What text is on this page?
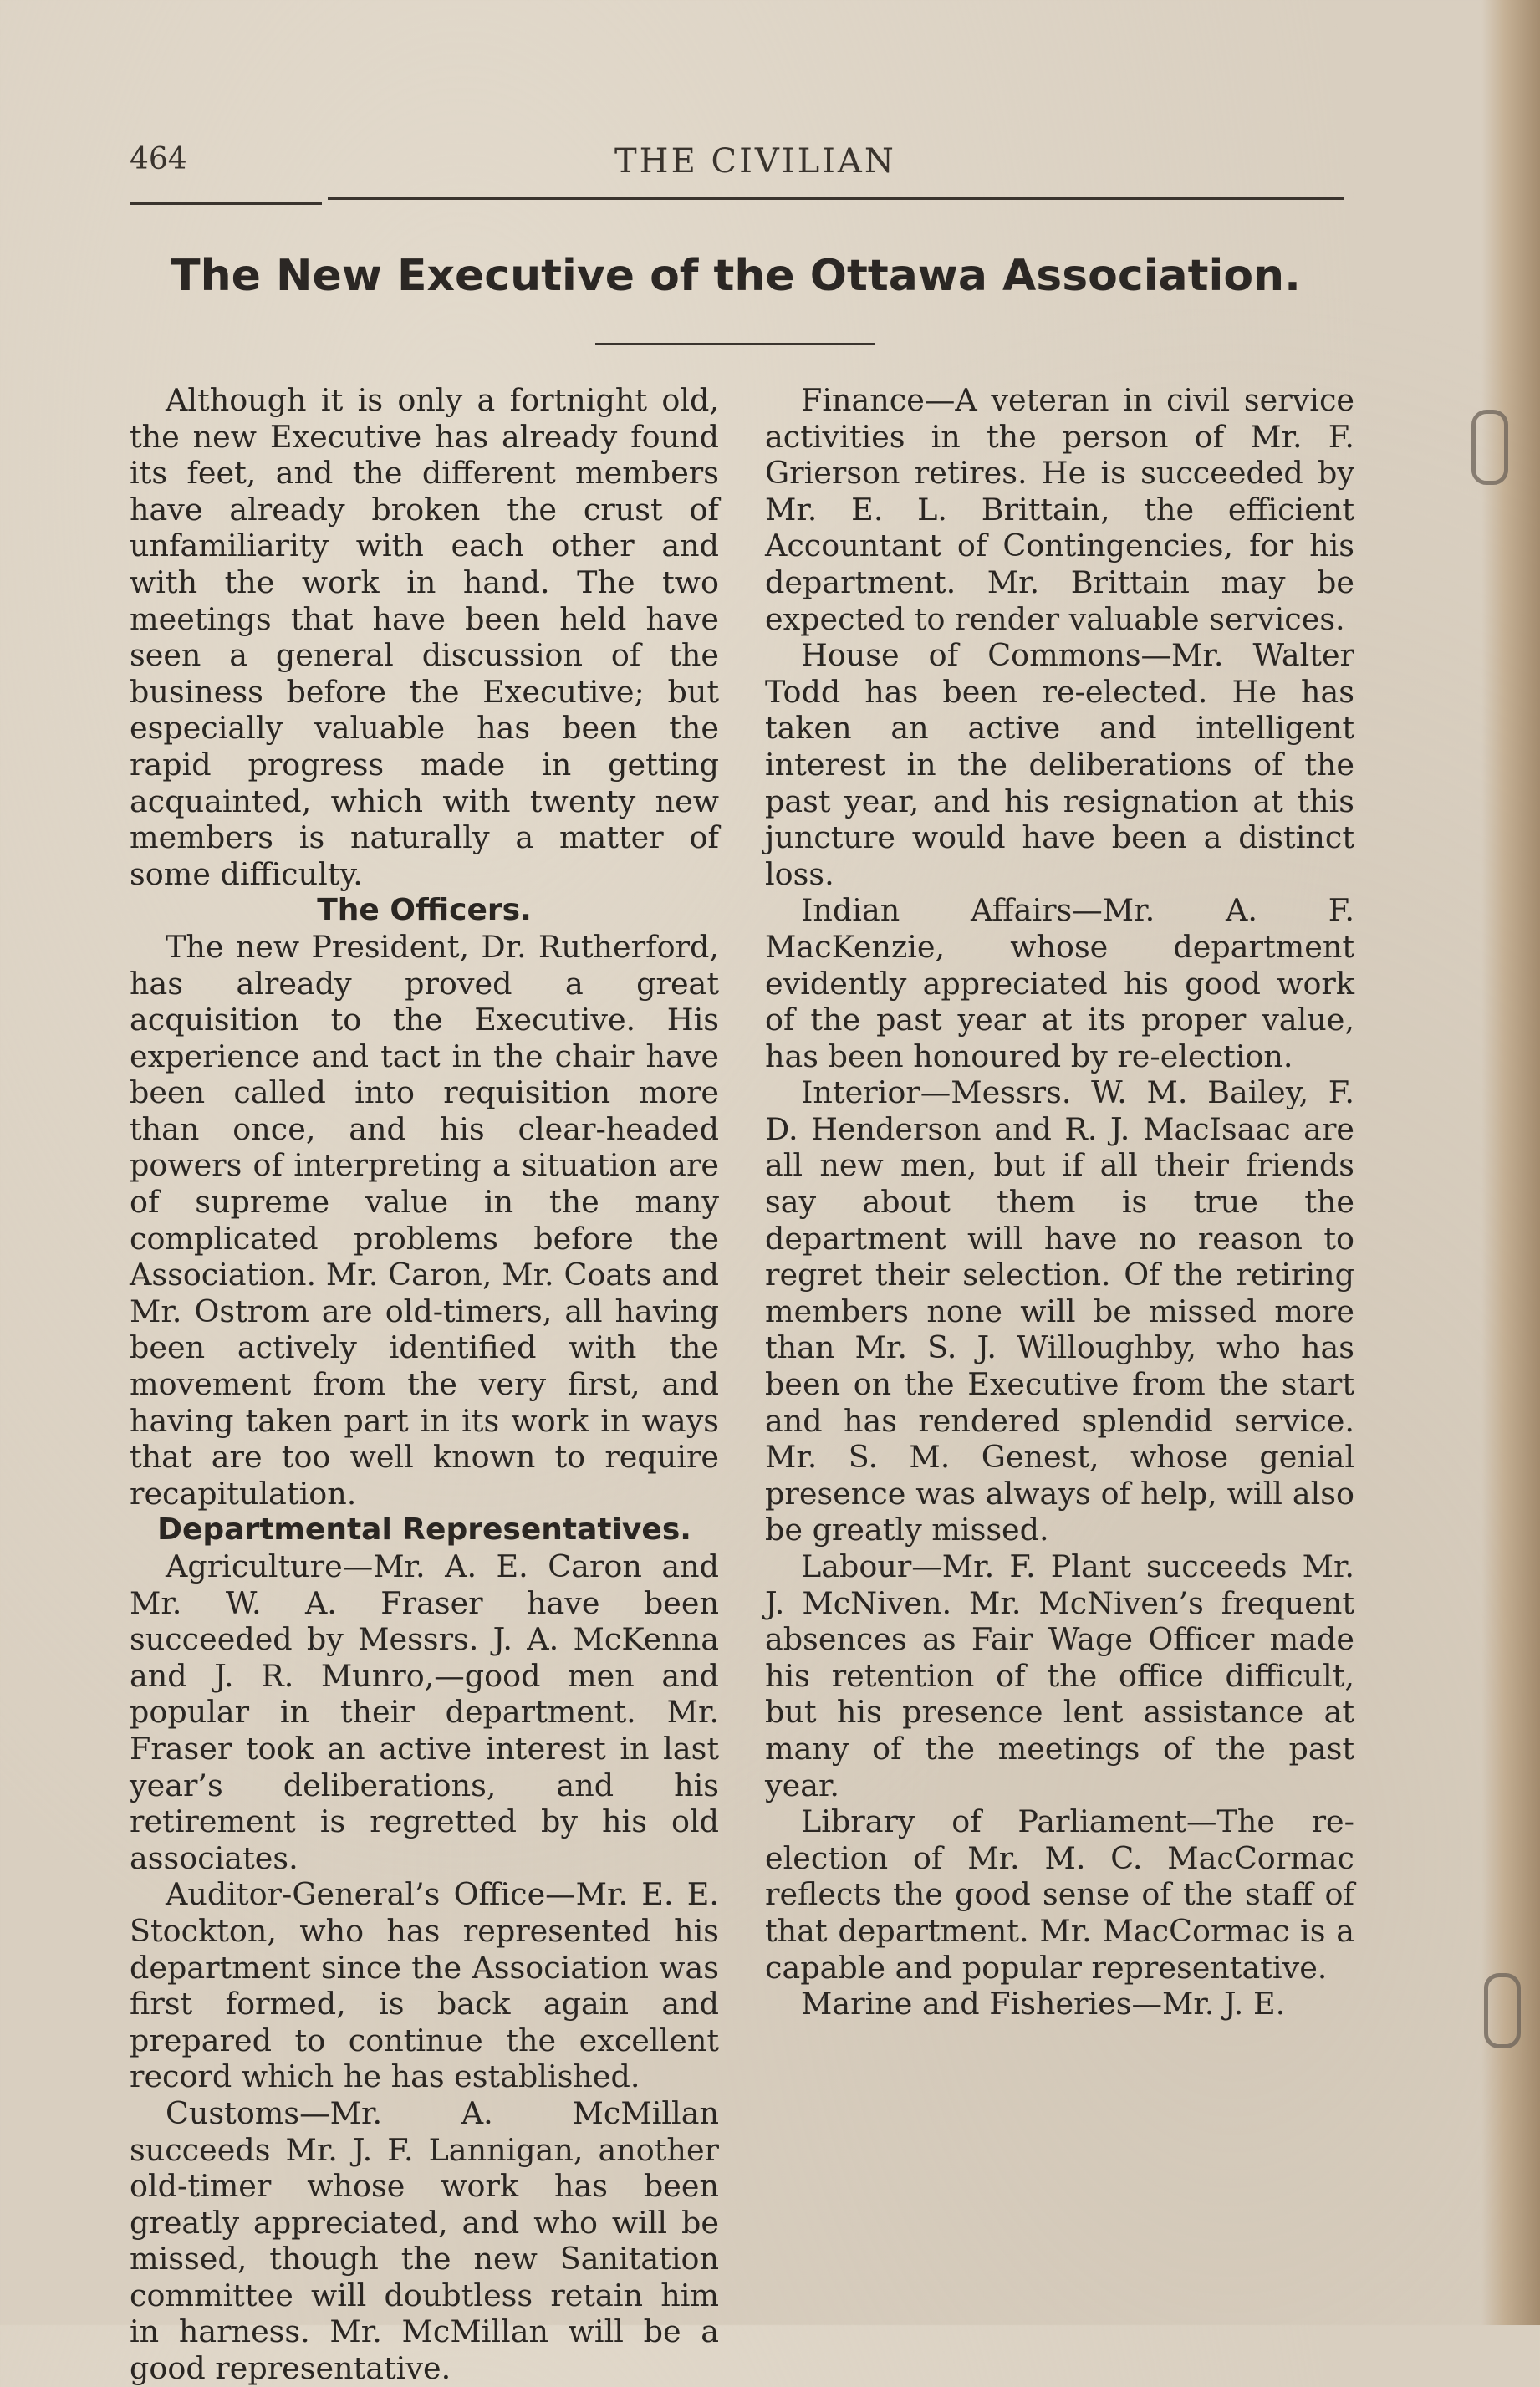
464	THE CIVILIAN
The New Executive of the Ottawa Association.

Although it is only a fortnight old, the new Executive has already found its feet, and the different members have already broken the crust of unfamiliarity with each other and with the work in hand. The two meetings that have been held have seen a general discussion of the business before the Executive; but especially valuable has been the rapid progress made in getting acquainted, which with twenty new members is naturally a matter of some difficulty.

The Officers.

The new President, Dr. Rutherford, has already proved a great acquisition to the Executive. His experience and tact in the chair have been called into requisition more than once, and his clear-headed powers of interpreting a situation are of supreme value in the many complicated problems before the Association. Mr. Caron, Mr. Coats and Mr. Ostrom are old-timers, all having been actively identified with the movement from the very first, and having taken part in its work in ways that are too well known to require recapitulation.

Departmental Representatives.

Agriculture—Mr. A. E. Caron and Mr. W. A. Fraser have been succeeded by Messrs. J. A. McKenna and J. R. Munro,—good men and popular in their department. Mr. Fraser took an active interest in last year’s deliberations, and his retirement is regretted by his old associates.

Auditor-General’s Office—Mr. E. E. Stockton, who has represented his department since the Association was first formed, is back again and prepared to continue the excellent record which he has established.

Customs—Mr. A. McMillan succeeds Mr. J. F. Lannigan, another old-timer whose work has been greatly appreciated, and who will be missed, though the new Sanitation committee will doubtless retain him in harness. Mr. McMillan will be a good representative.

Finance—A veteran in civil service activities in the person of Mr. F. Grierson retires. He is succeeded by Mr. E. L. Brittain, the efficient Accountant of Contingencies, for his department. Mr. Brittain may be expected to render valuable services.

House of Commons—Mr. Walter Todd has been re-elected. He has taken an active and intelligent interest in the deliberations of the past year, and his resignation at this juncture would have been a distinct loss.

Indian Affairs—Mr. A. F. MacKenzie, whose department evidently appreciated his good work of the past year at its proper value, has been honoured by re-election.

Interior—Messrs. W. M. Bailey, F. D. Henderson and R. J. MacIsaac are all new men, but if all their friends say about them is true the department will have no reason to regret their selection. Of the retiring members none will be missed more than Mr. S. J. Willoughby, who has been on the Executive from the start and has rendered splendid service. Mr. S. M. Genest, whose genial presence was always of help, will also be greatly missed.

Labour—Mr. F. Plant succeeds Mr. J. McNiven. Mr. McNiven’s frequent absences as Fair Wage Officer made his retention of the office difficult, but his presence lent assistance at many of the meetings of the past year.

Library of Parliament—The re-election of Mr. M. C. MacCormac reflects the good sense of the staff of that department. Mr. MacCormac is a capable and popular representative.

Marine and Fisheries—Mr. J. E.
